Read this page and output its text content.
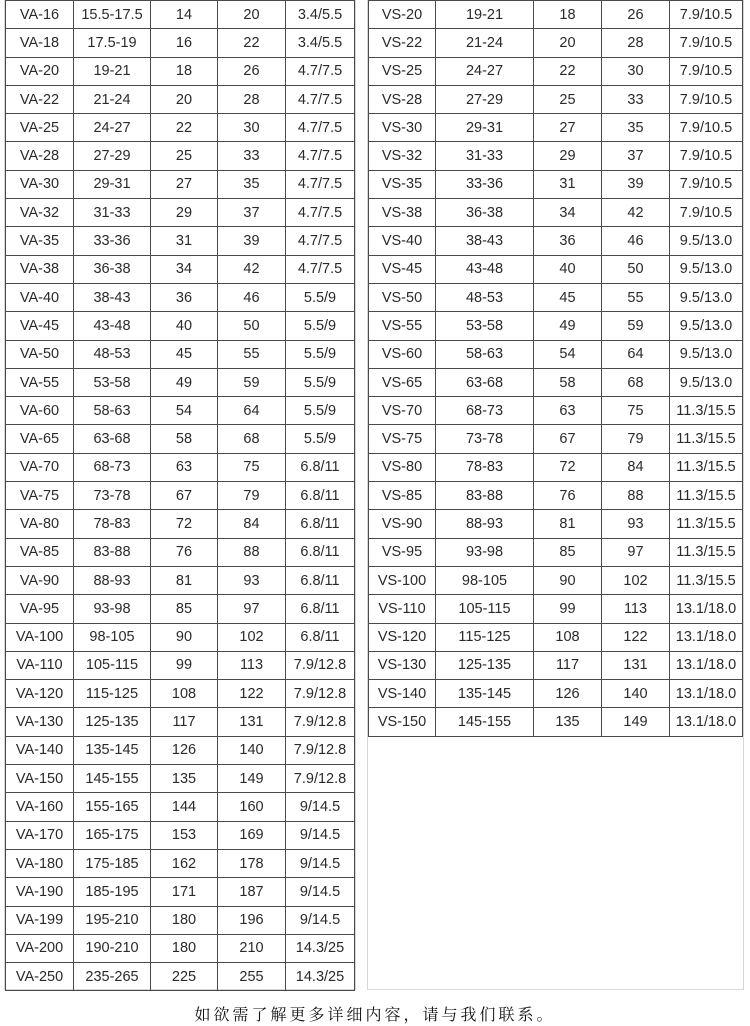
VA-16	15.5-17.5	14	20	3.4/5.5
VA-18	17.5-19	16	22	3.4/5.5
VA-20	19-21	18	26	4.7/7.5
VA-22	21-24	20	28	4.7/7.5
VA-25	24-27	22	30	4.7/7.5
VA-28	27-29	25	33	4.7/7.5
VA-30	29-31	27	35	4.7/7.5
VA-32	31-33	29	37	4.7/7.5
VA-35	33-36	31	39	4.7/7.5
VA-38	36-38	34	42	4.7/7.5
VA-40	38-43	36	46	5.5/9
VA-45	43-48	40	50	5.5/9
VA-50	48-53	45	55	5.5/9
VA-55	53-58	49	59	5.5/9
VA-60	58-63	54	64	5.5/9
VA-65	63-68	58	68	5.5/9
VA-70	68-73	63	75	6.8/11
VA-75	73-78	67	79	6.8/11
VA-80	78-83	72	84	6.8/11
VA-85	83-88	76	88	6.8/11
VA-90	88-93	81	93	6.8/11
VA-95	93-98	85	97	6.8/11
VA-100	98-105	90	102	6.8/11
VA-110	105-115	99	113	7.9/12.8
VA-120	115-125	108	122	7.9/12.8
VA-130	125-135	117	131	7.9/12.8
VA-140	135-145	126	140	7.9/12.8
VA-150	145-155	135	149	7.9/12.8
VA-160	155-165	144	160	9/14.5
VA-170	165-175	153	169	9/14.5
VA-180	175-185	162	178	9/14.5
VA-190	185-195	171	187	9/14.5
VA-199	195-210	180	196	9/14.5
VA-200	190-210	180	210	14.3/25
VA-250	235-265	225	255	14.3/25
VS-20	19-21	18	26	7.9/10.5
VS-22	21-24	20	28	7.9/10.5
VS-25	24-27	22	30	7.9/10.5
VS-28	27-29	25	33	7.9/10.5
VS-30	29-31	27	35	7.9/10.5
VS-32	31-33	29	37	7.9/10.5
VS-35	33-36	31	39	7.9/10.5
VS-38	36-38	34	42	7.9/10.5
VS-40	38-43	36	46	9.5/13.0
VS-45	43-48	40	50	9.5/13.0
VS-50	48-53	45	55	9.5/13.0
VS-55	53-58	49	59	9.5/13.0
VS-60	58-63	54	64	9.5/13.0
VS-65	63-68	58	68	9.5/13.0
VS-70	68-73	63	75	11.3/15.5
VS-75	73-78	67	79	11.3/15.5
VS-80	78-83	72	84	11.3/15.5
VS-85	83-88	76	88	11.3/15.5
VS-90	88-93	81	93	11.3/15.5
VS-95	93-98	85	97	11.3/15.5
VS-100	98-105	90	102	11.3/15.5
VS-110	105-115	99	113	13.1/18.0
VS-120	115-125	108	122	13.1/18.0
VS-130	125-135	117	131	13.1/18.0
VS-140	135-145	126	140	13.1/18.0
VS-150	145-155	135	149	13.1/18.0
如欲需了解更多详细内容，请与我们联系。
